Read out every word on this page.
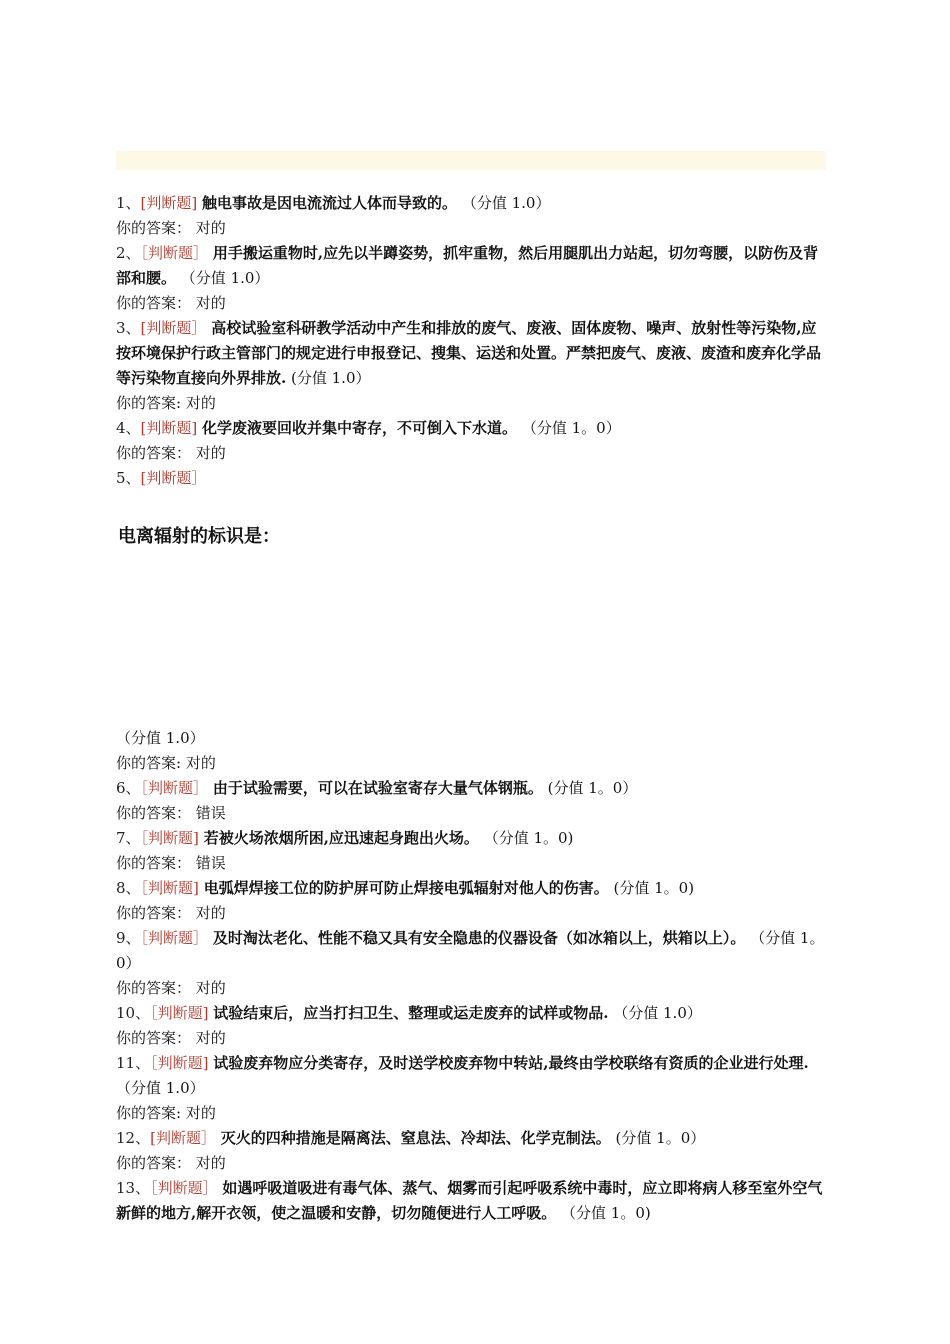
1、[判断题] 触电事故是因电流流过人体而导致的。 （分值 1.0）

你的答案： 对的

2、［判断题］ 用手搬运重物时,应先以半蹲姿势，抓牢重物，然后用腿肌出力站起，切勿弯腰，以防伤及背部和腰。 （分值 1.0）

你的答案： 对的

3、[判断题］ 高校试验室科研教学活动中产生和排放的废气、废液、固体废物、噪声、放射性等污染物,应按环境保护行政主管部门的规定进行申报登记、搜集、运送和处置。严禁把废气、废液、废渣和废弃化学品等污染物直接向外界排放. (分值 1.0）

你的答案: 对的

4、[判断题] 化学废液要回收并集中寄存，不可倒入下水道。 （分值 1。0）

你的答案： 对的

5、[判断题］

电离辐射的标识是：

（分值 1.0）

你的答案: 对的

6、［判断题］ 由于试验需要，可以在试验室寄存大量气体钢瓶。 (分值 1。0）

你的答案： 错误

7、［判断题] 若被火场浓烟所困,应迅速起身跑出火场。 （分值 1。0)

你的答案： 错误

8、［判断题] 电弧焊焊接工位的防护屏可防止焊接电弧辐射对他人的伤害。 (分值 1。0)

你的答案： 对的

9、［判断题］ 及时淘汰老化、性能不稳又具有安全隐患的仪器设备（如冰箱以上，烘箱以上）。 （分值 1。0）

你的答案： 对的

10、［判断题] 试验结束后，应当打扫卫生、整理或运走废弃的试样或物品. （分值 1.0）

你的答案： 对的

11、［判断题] 试验废弃物应分类寄存，及时送学校废弃物中转站,最终由学校联络有资质的企业进行处理. （分值 1.0）

你的答案: 对的

12、[判断题］ 灭火的四种措施是隔离法、窒息法、冷却法、化学克制法。 (分值 1。0）

你的答案： 对的

13、［判断题］ 如遇呼吸道吸进有毒气体、蒸气、烟雾而引起呼吸系统中毒时，应立即将病人移至室外空气新鲜的地方,解开衣领，使之温暖和安静，切勿随便进行人工呼吸。 （分值 1。0)
